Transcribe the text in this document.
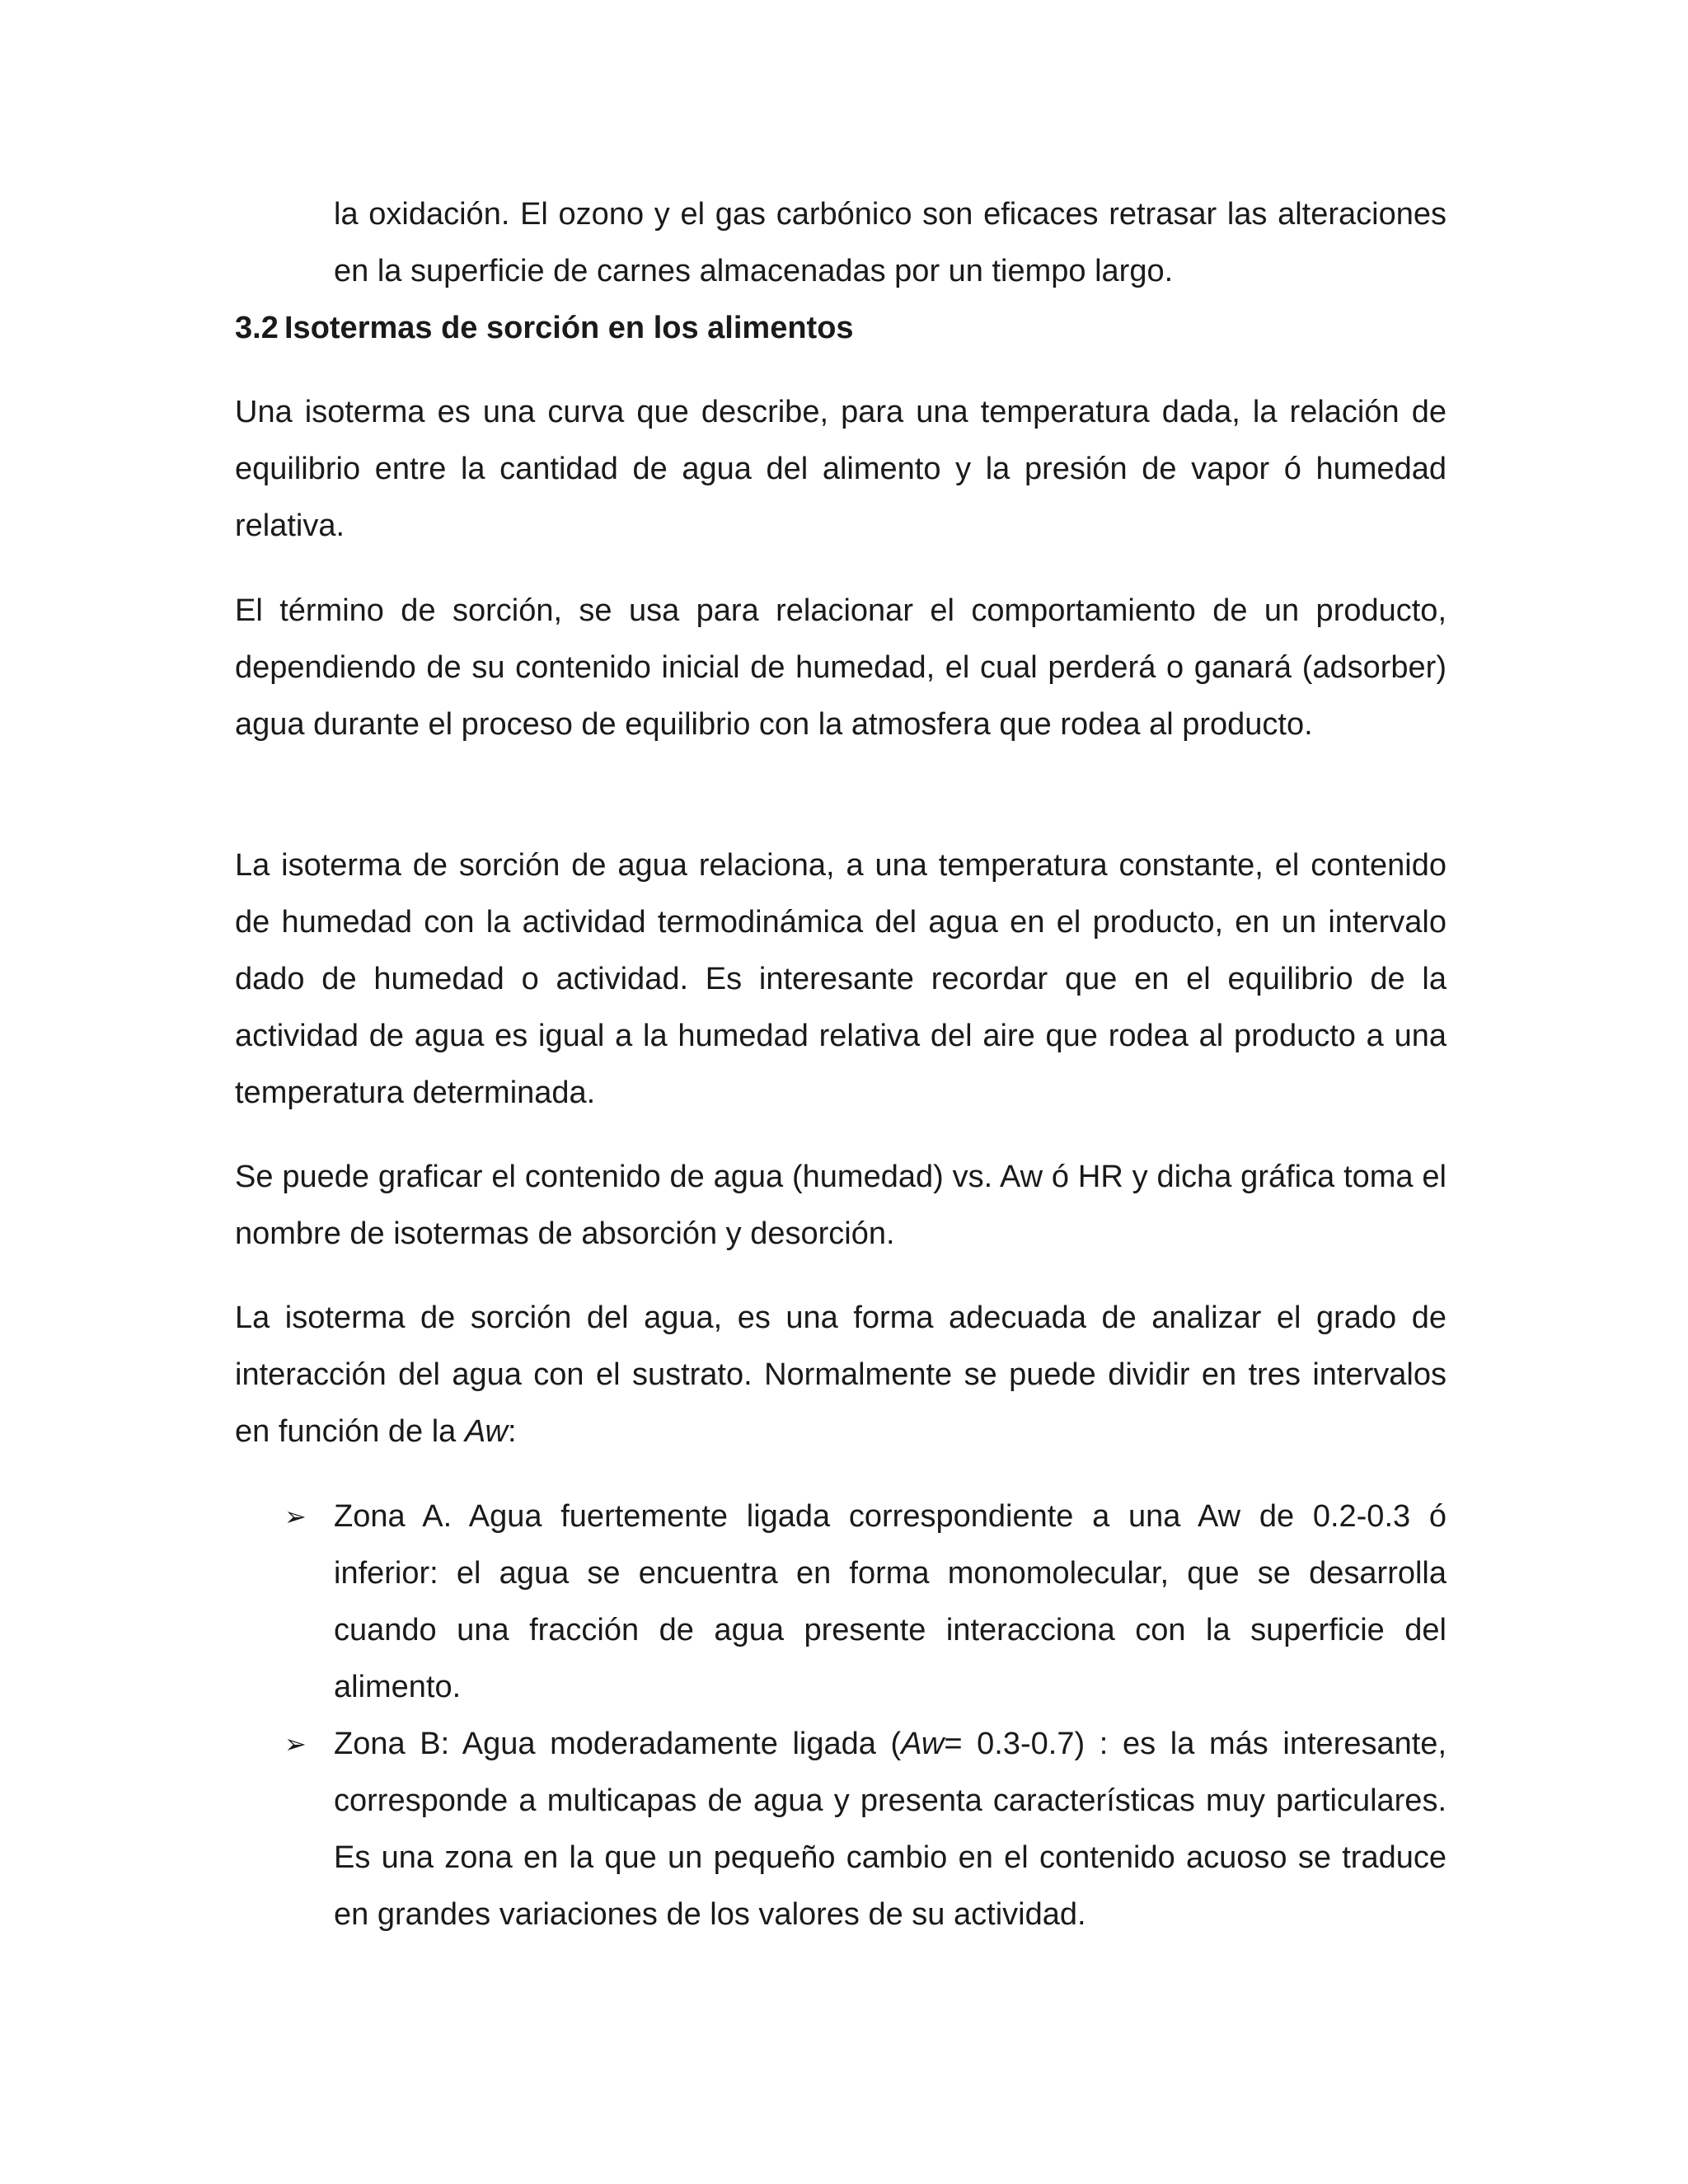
la oxidación. El ozono y el gas carbónico son eficaces retrasar las alteraciones en la superficie de carnes almacenadas por un tiempo largo.

3.2 Isotermas de sorción en los alimentos

Una isoterma es una curva que describe, para una temperatura dada, la relación de equilibrio entre la cantidad de agua del alimento y la presión de vapor ó humedad relativa.

El término de sorción, se usa para relacionar el comportamiento de un producto, dependiendo de su contenido inicial de humedad, el cual perderá o ganará (adsorber) agua durante el proceso de equilibrio con la atmosfera que rodea al producto.

La isoterma de sorción de agua relaciona, a una temperatura constante, el contenido de humedad con la actividad termodinámica del agua en el producto, en un intervalo dado de humedad o actividad. Es interesante recordar que en el equilibrio de la actividad de agua es igual a la humedad relativa del aire que rodea al producto a una temperatura determinada.

Se puede graficar el contenido de agua (humedad) vs. Aw ó HR y dicha gráfica toma el nombre de isotermas de absorción y desorción.

La isoterma de sorción del agua, es una forma adecuada de analizar el grado de interacción del agua con el sustrato. Normalmente se puede dividir en tres intervalos en función de la Aw:

➢ Zona A. Agua fuertemente ligada correspondiente a una Aw de 0.2-0.3 ó inferior: el agua se encuentra en forma monomolecular, que se desarrolla cuando una fracción de agua presente interacciona con la superficie del alimento.
➢ Zona B: Agua moderadamente ligada (Aw= 0.3-0.7) : es la más interesante, corresponde a multicapas de agua y presenta características muy particulares. Es una zona en la que un pequeño cambio en el contenido acuoso se traduce en grandes variaciones de los valores de su actividad.
